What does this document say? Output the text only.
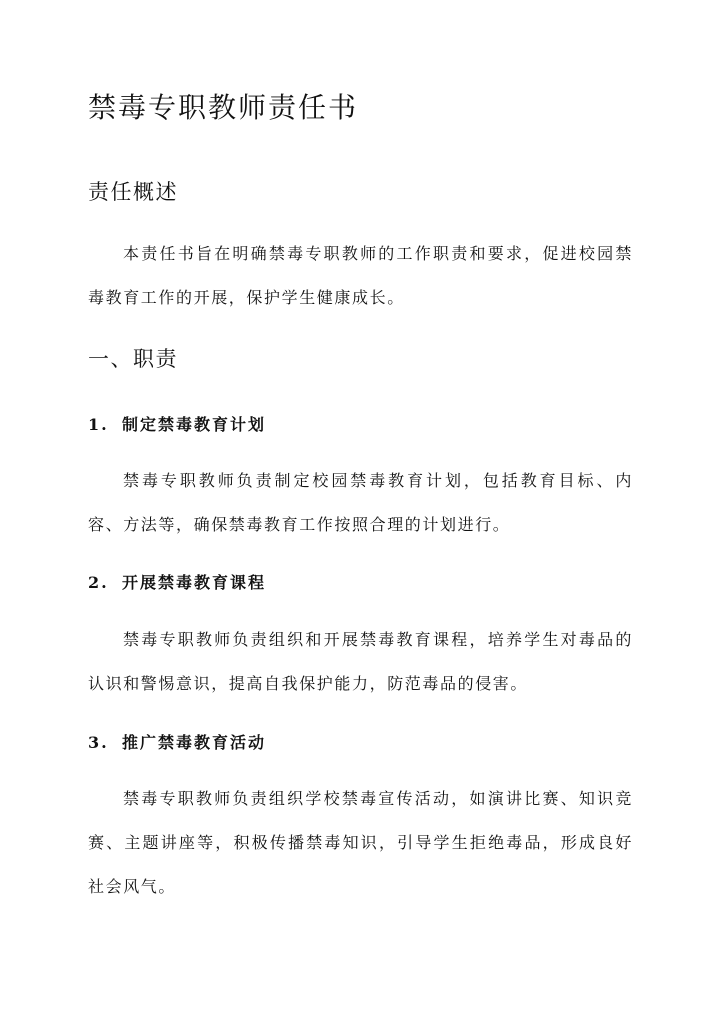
禁毒专职教师责任书
责任概述

本责任书旨在明确禁毒专职教师的工作职责和要求，促进校园禁毒教育工作的开展，保护学生健康成长。

一、职责
1. 制定禁毒教育计划

禁毒专职教师负责制定校园禁毒教育计划，包括教育目标、内容、方法等，确保禁毒教育工作按照合理的计划进行。

2. 开展禁毒教育课程

禁毒专职教师负责组织和开展禁毒教育课程，培养学生对毒品的认识和警惕意识，提高自我保护能力，防范毒品的侵害。

3. 推广禁毒教育活动

禁毒专职教师负责组织学校禁毒宣传活动，如演讲比赛、知识竞赛、主题讲座等，积极传播禁毒知识，引导学生拒绝毒品，形成良好社会风气。
